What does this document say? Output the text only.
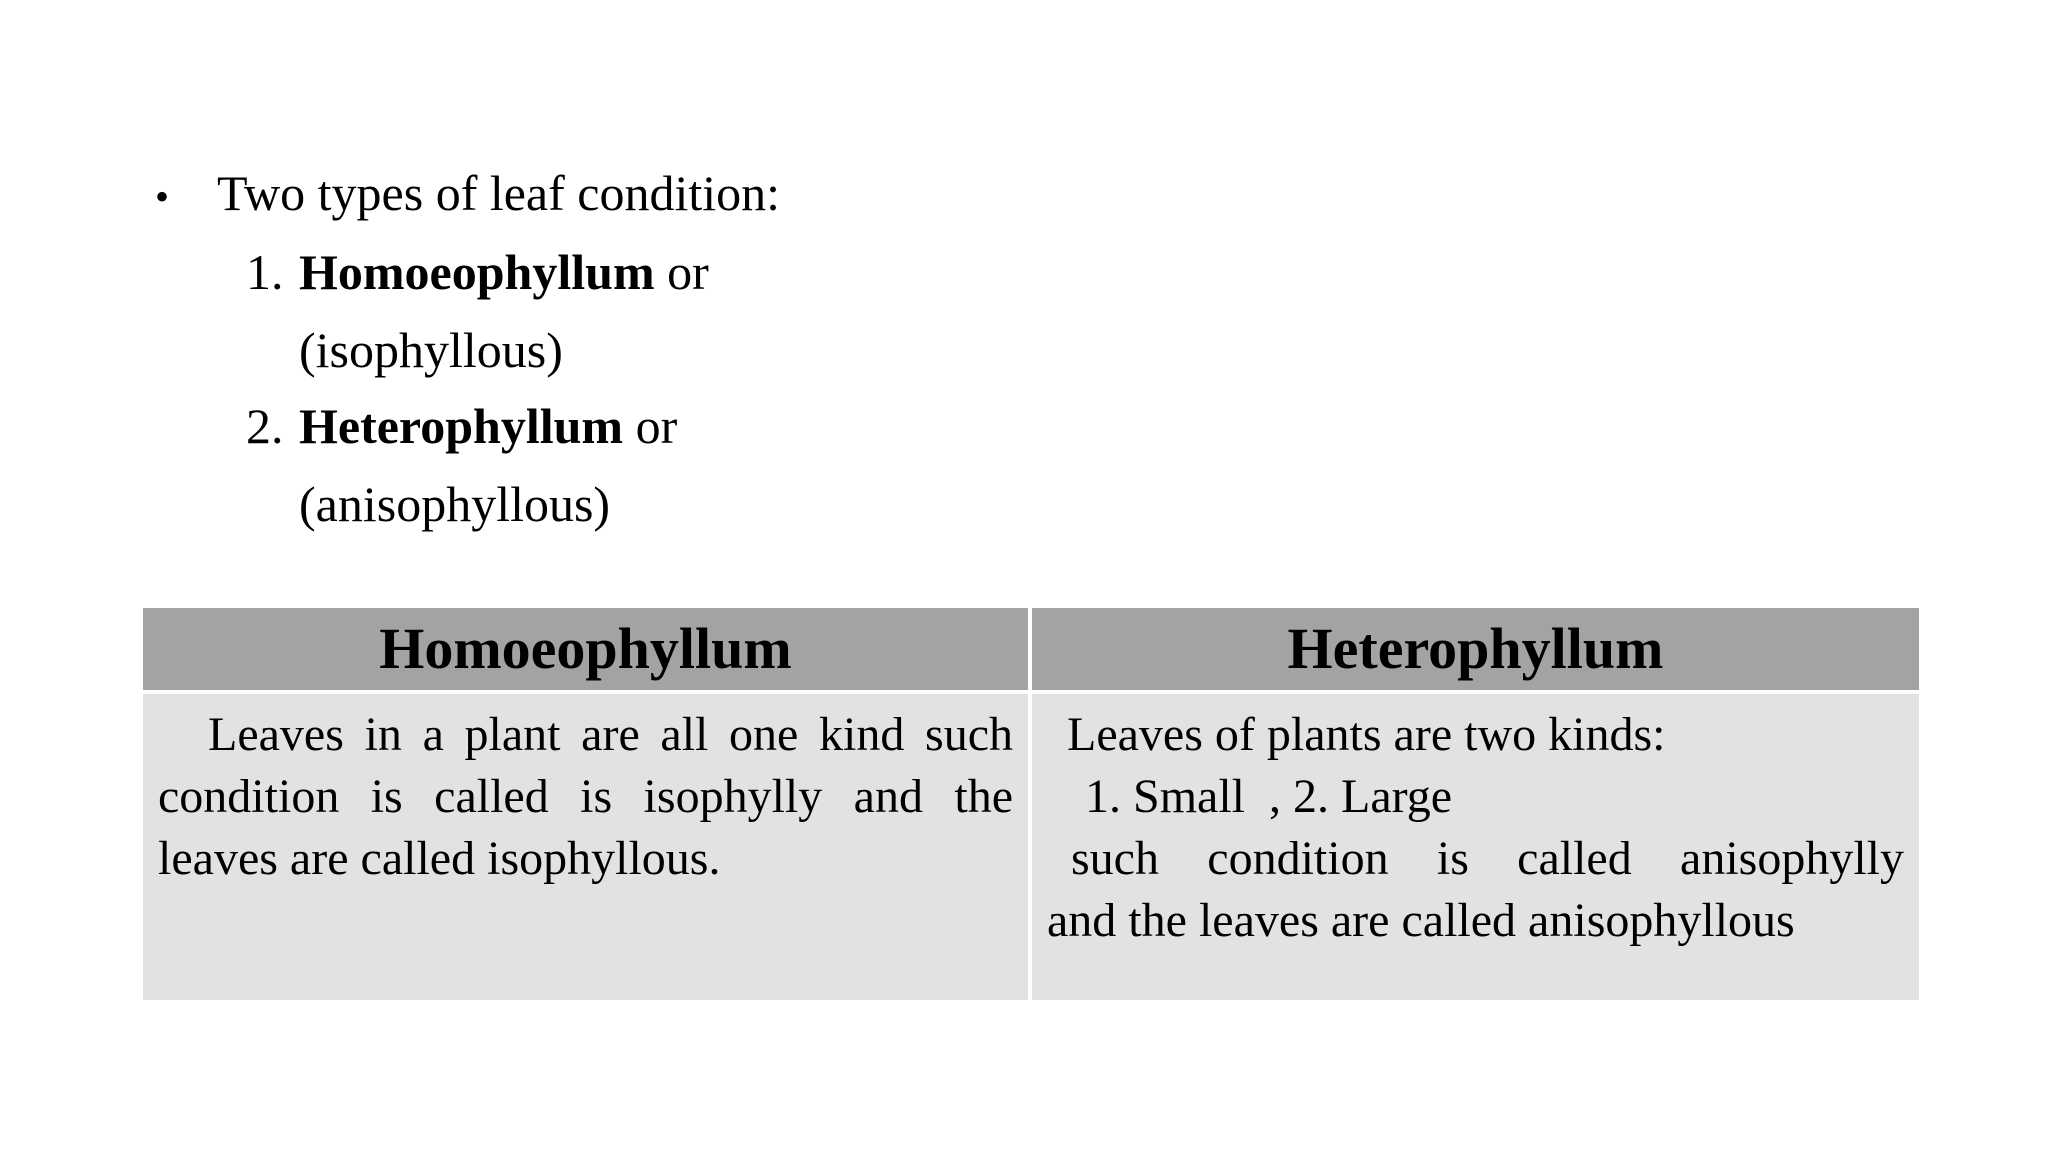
• Two types of leaf condition:
1. Homoeophyllum or
(isophyllous)
2. Heterophyllum or
(anisophyllous)
Homoeophyllum	Heterophyllum
Leaves in a plant are all one kind such
condition is called is isophylly and the
leaves are called isophyllous.
Leaves of plants are two kinds:
1. Small  , 2. Large
such condition is called anisophylly
and the leaves are called anisophyllous
